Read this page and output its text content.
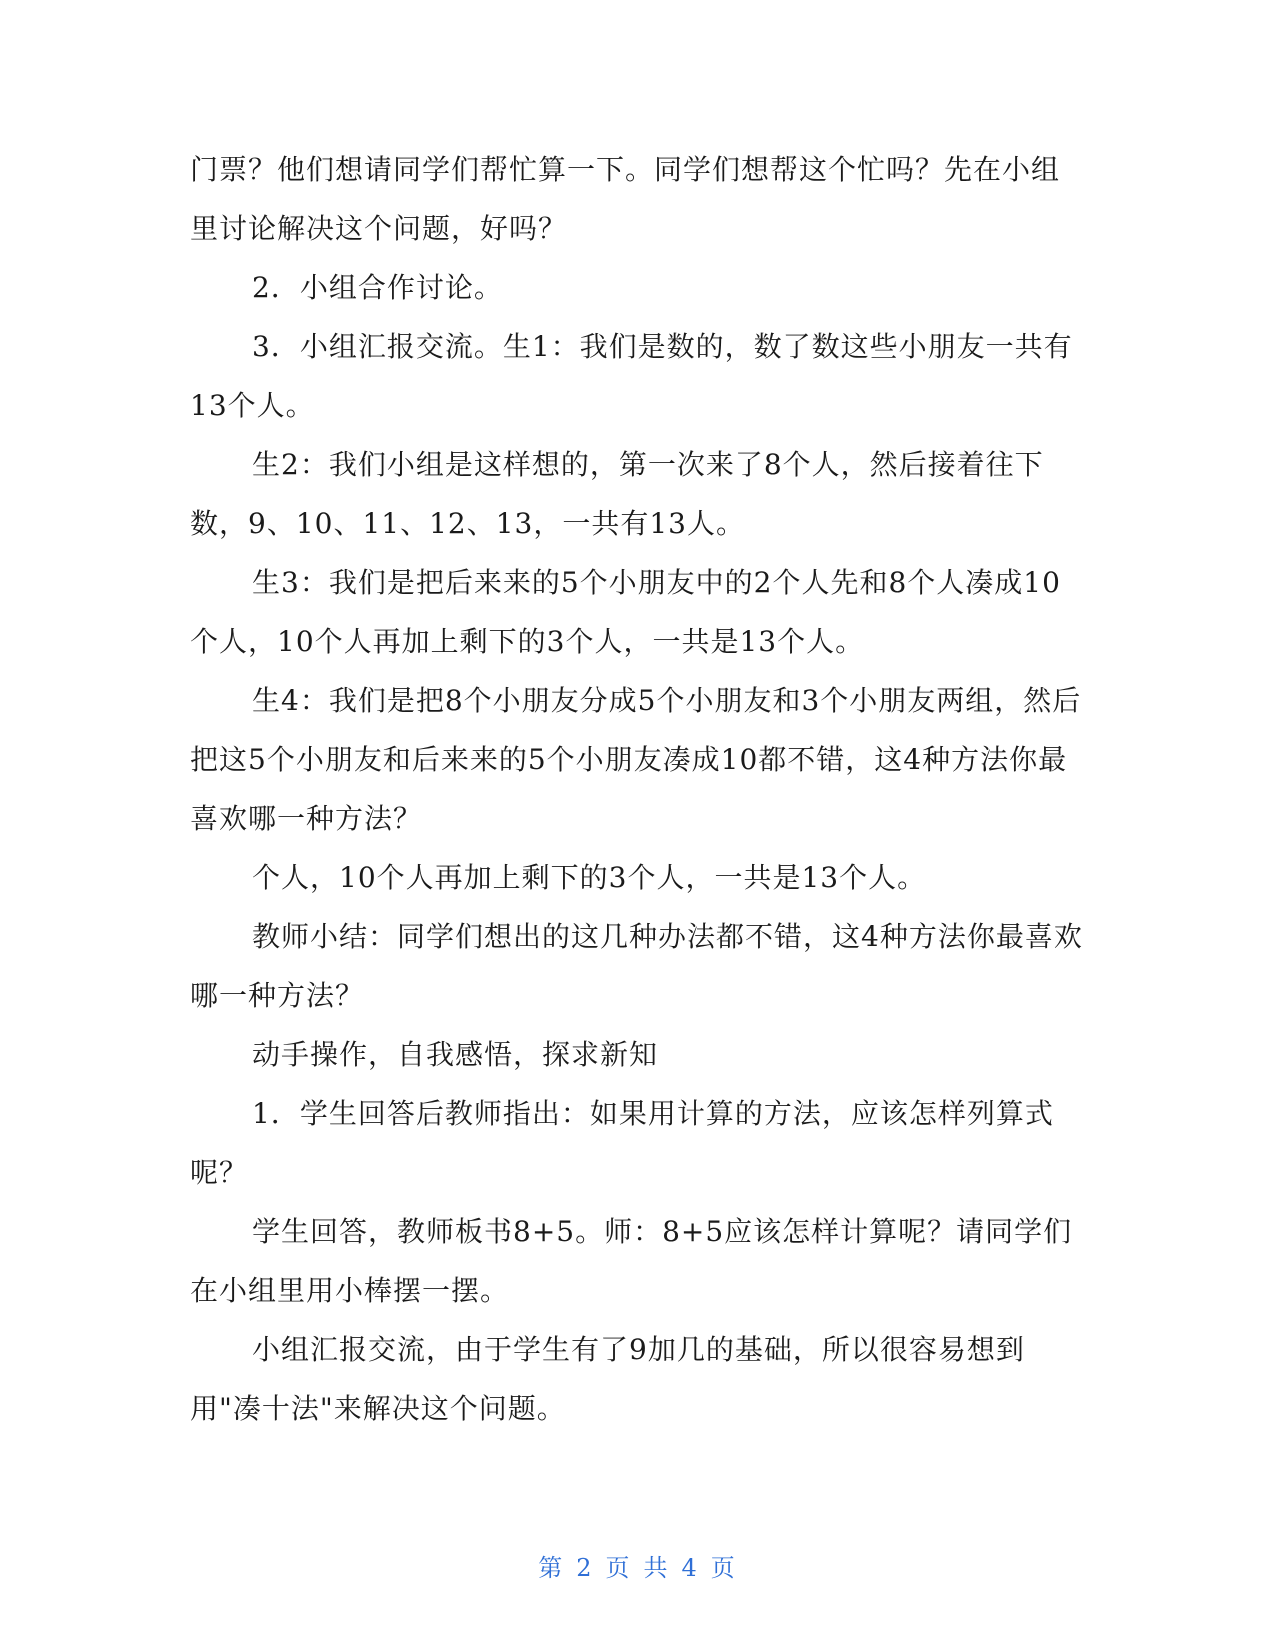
门票？他们想请同学们帮忙算一下。同学们想帮这个忙吗？先在小组里讨论解决这个问题，好吗？

2．小组合作讨论。

3．小组汇报交流。生1：我们是数的，数了数这些小朋友一共有13个人。

生2：我们小组是这样想的，第一次来了8个人，然后接着往下数，9、10、11、12、13，一共有13人。

生3：我们是把后来来的5个小朋友中的2个人先和8个人凑成10个人，10个人再加上剩下的3个人，一共是13个人。

生4：我们是把8个小朋友分成5个小朋友和3个小朋友两组，然后把这5个小朋友和后来来的5个小朋友凑成10都不错，这4种方法你最喜欢哪一种方法？

个人，10个人再加上剩下的3个人，一共是13个人。

教师小结：同学们想出的这几种办法都不错，这4种方法你最喜欢哪一种方法？

动手操作，自我感悟，探求新知

1．学生回答后教师指出：如果用计算的方法，应该怎样列算式呢？

学生回答，教师板书8+5。师：8+5应该怎样计算呢？请同学们在小组里用小棒摆一摆。

小组汇报交流，由于学生有了9加几的基础，所以很容易想到用"凑十法"来解决这个问题。

第 2 页 共 4 页
